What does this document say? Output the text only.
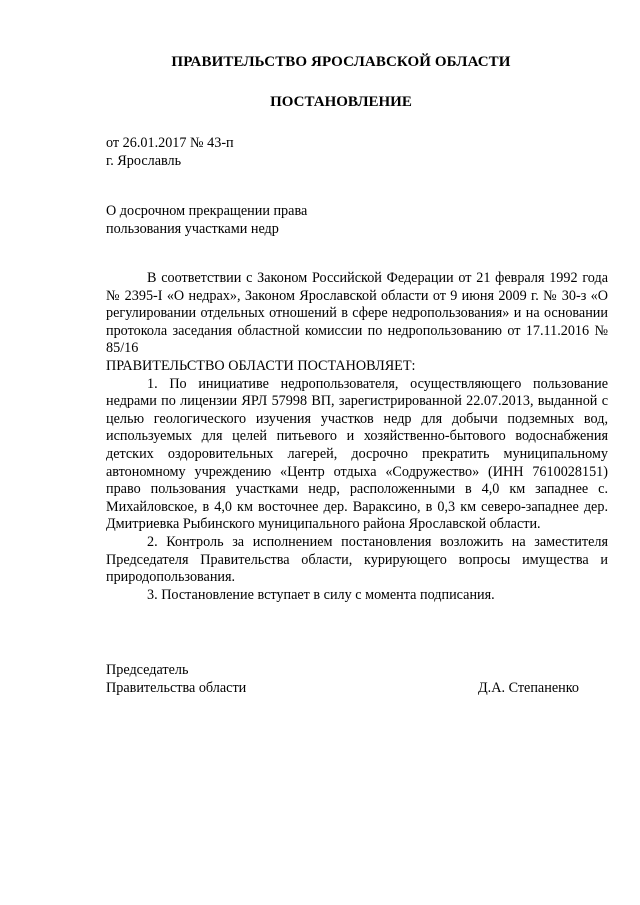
ПРАВИТЕЛЬСТВО ЯРОСЛАВСКОЙ ОБЛАСТИ
ПОСТАНОВЛЕНИЕ
от 26.01.2017 № 43-п
г. Ярославль
О досрочном прекращении права
пользования участками недр

В соответствии с Законом Российской Федерации от 21 февраля 1992 года № 2395-I «О недрах», Законом Ярославской области от 9 июня 2009 г. № 30-з «О регулировании отдельных отношений в сфере недропользования» и на основании протокола заседания областной комиссии по недропользованию от 17.11.2016 № 85/16

ПРАВИТЕЛЬСТВО ОБЛАСТИ ПОСТАНОВЛЯЕТ:

1. По инициативе недропользователя, осуществляющего пользование недрами по лицензии ЯРЛ 57998 ВП, зарегистрированной 22.07.2013, выданной с целью геологического изучения участков недр для добычи подземных вод, используемых для целей питьевого и хозяйственно-бытового водоснабжения детских оздоровительных лагерей, досрочно прекратить муниципальному автономному учреждению «Центр отдыха «Содружество» (ИНН 7610028151) право пользования участками недр, расположенными в 4,0 км западнее с. Михайловское, в 4,0 км восточнее дер. Вараксино, в 0,3 км северо-западнее дер. Дмитриевка Рыбинского муниципального района Ярославской области.

2. Контроль за исполнением постановления возложить на заместителя Председателя Правительства области, курирующего вопросы имущества и природопользования.

3. Постановление вступает в силу с момента подписания.

Председатель
Правительства области	Д.А. Степаненко
